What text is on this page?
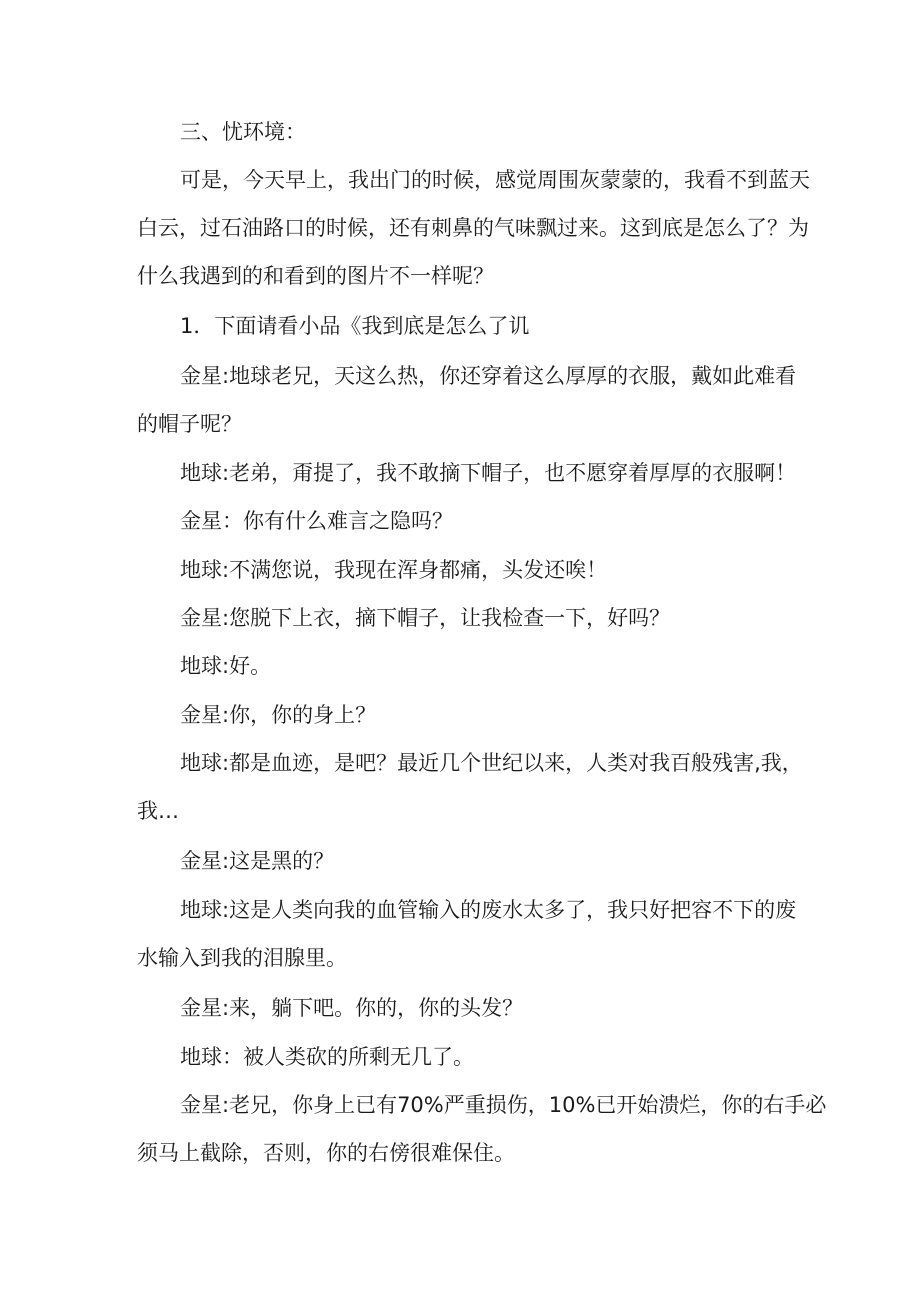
三、忧环境：

可是，今天早上，我出门的时候，感觉周围灰蒙蒙的，我看不到蓝天
白云，过石油路口的时候，还有刺鼻的气味飘过来。这到底是怎么了？为
什么我遇到的和看到的图片不一样呢？

1．下面请看小品《我到底是怎么了讥

金星:地球老兄，天这么热，你还穿着这么厚厚的衣服，戴如此难看
的帽子呢？

地球:老弟，甭提了，我不敢摘下帽子，也不愿穿着厚厚的衣服啊！

金星：你有什么难言之隐吗？

地球:不满您说，我现在浑身都痛，头发还唉！

金星:您脱下上衣，摘下帽子，让我检查一下，好吗？

地球:好。

金星:你，你的身上？

地球:都是血迹，是吧？最近几个世纪以来，人类对我百般残害,我，
我…

金星:这是黑的？

地球:这是人类向我的血管输入的废水太多了，我只好把容不下的废
水输入到我的泪腺里。

金星:来，躺下吧。你的，你的头发？

地球：被人类砍的所剩无几了。

金星:老兄，你身上已有70%严重损伤，10%已开始溃烂，你的右手必
须马上截除，否则，你的右傍很难保住。
